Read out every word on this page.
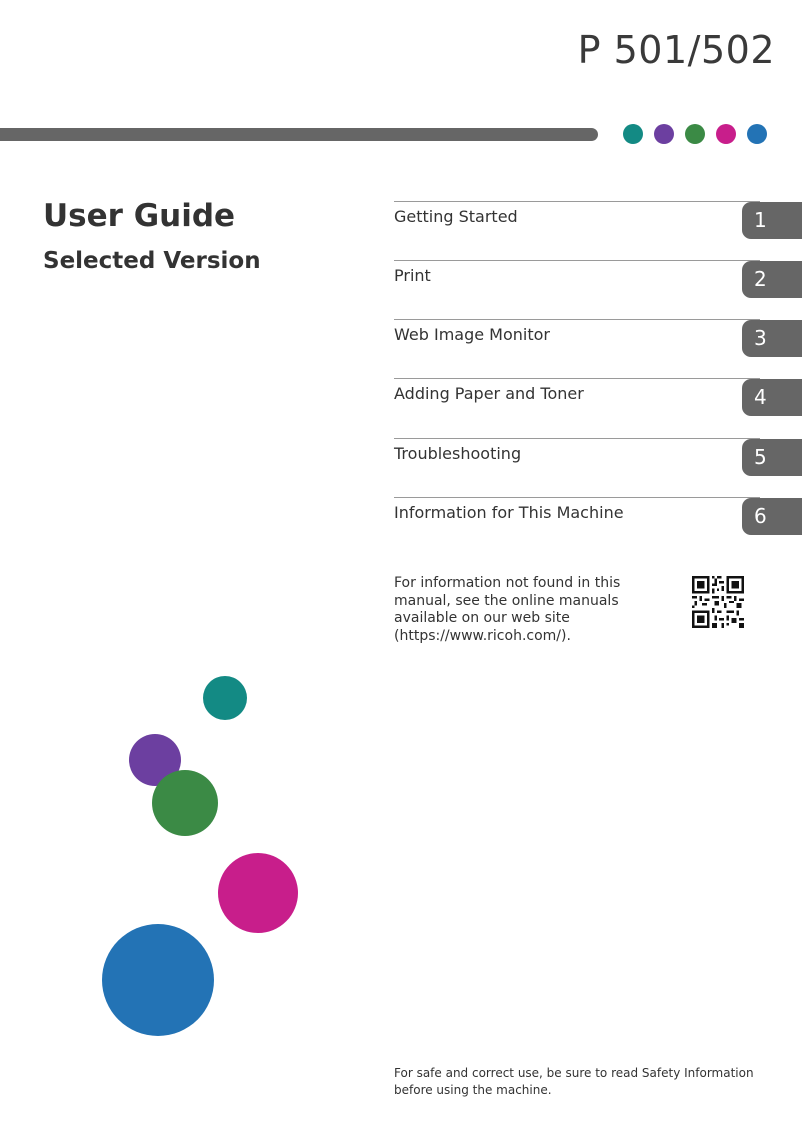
P 501/502
User Guide
Selected Version
Getting Started	1
Print	2
Web Image Monitor	3
Adding Paper and Toner	4
Troubleshooting	5
Information for This Machine	6

For information not found in this manual, see the online manuals available on our web site (https://www.ricoh.com/).

For safe and correct use, be sure to read Safety Information before using the machine.
